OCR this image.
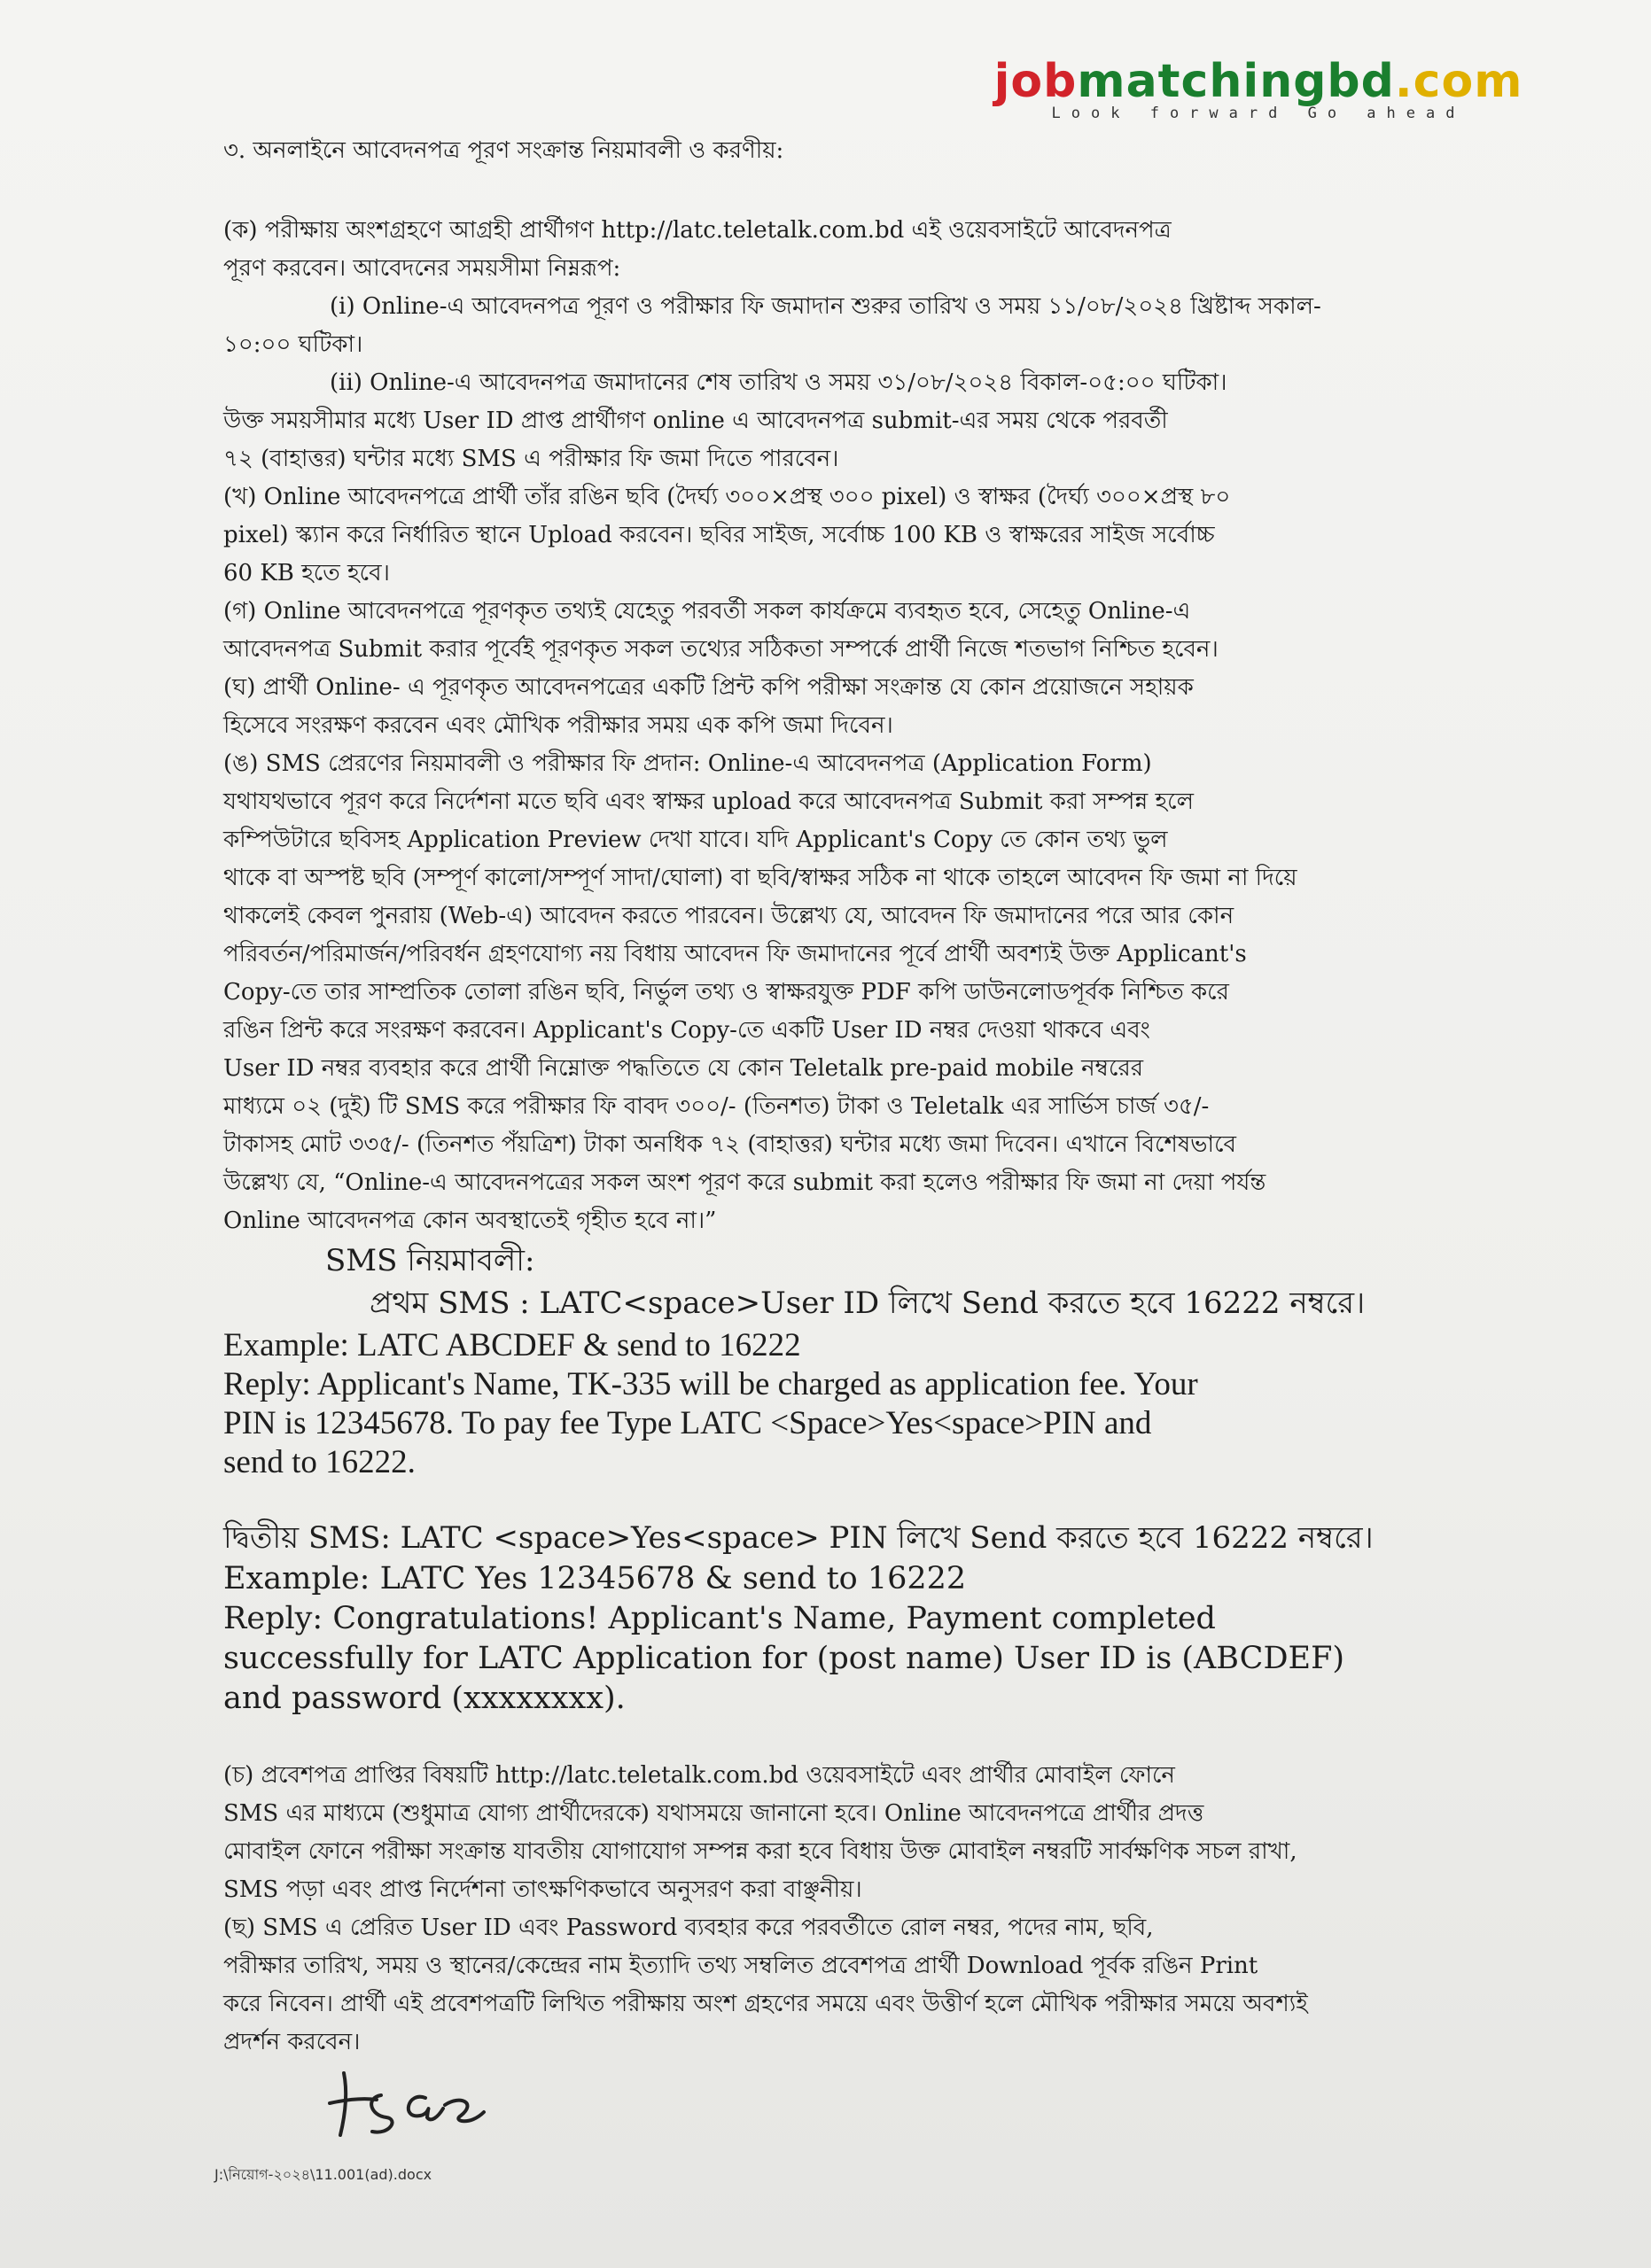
jobmatchingbd.com
Look forward Go ahead
৩. অনলাইনে আবেদনপত্র পূরণ সংক্রান্ত নিয়মাবলী ও করণীয়:
(ক) পরীক্ষায় অংশগ্রহণে আগ্রহী প্রার্থীগণ http://latc.teletalk.com.bd এই ওয়েবসাইটে আবেদনপত্র
পূরণ করবেন। আবেদনের সময়সীমা নিম্নরূপ:
(i) Online-এ আবেদনপত্র পূরণ ও পরীক্ষার ফি জমাদান শুরুর তারিখ ও সময় ১১/০৮/২০২৪ খ্রিষ্টাব্দ সকাল-
১০:০০ ঘটিকা।
(ii) Online-এ আবেদনপত্র জমাদানের শেষ তারিখ ও সময় ৩১/০৮/২০২৪ বিকাল-০৫:০০ ঘটিকা।
উক্ত সময়সীমার মধ্যে User ID প্রাপ্ত প্রার্থীগণ online এ আবেদনপত্র submit-এর সময় থেকে পরবর্তী
৭২ (বাহাত্তর) ঘন্টার মধ্যে SMS এ পরীক্ষার ফি জমা দিতে পারবেন।
(খ) Online আবেদনপত্রে প্রার্থী তাঁর রঙিন ছবি (দৈর্ঘ্য ৩০০×প্রস্থ ৩০০ pixel) ও স্বাক্ষর (দৈর্ঘ্য ৩০০×প্রস্থ ৮০
pixel) স্ক্যান করে নির্ধারিত স্থানে Upload করবেন। ছবির সাইজ, সর্বোচ্চ 100 KB ও স্বাক্ষরের সাইজ সর্বোচ্চ
60 KB হতে হবে।
(গ) Online আবেদনপত্রে পূরণকৃত তথ্যই যেহেতু পরবর্তী সকল কার্যক্রমে ব্যবহৃত হবে, সেহেতু Online-এ
আবেদনপত্র Submit করার পূর্বেই পূরণকৃত সকল তথ্যের সঠিকতা সম্পর্কে প্রার্থী নিজে শতভাগ নিশ্চিত হবেন।
(ঘ) প্রার্থী Online- এ পূরণকৃত আবেদনপত্রের একটি প্রিন্ট কপি পরীক্ষা সংক্রান্ত যে কোন প্রয়োজনে সহায়ক
হিসেবে সংরক্ষণ করবেন এবং মৌখিক পরীক্ষার সময় এক কপি জমা দিবেন।
(ঙ) SMS প্রেরণের নিয়মাবলী ও পরীক্ষার ফি প্রদান: Online-এ আবেদনপত্র (Application Form)
যথাযথভাবে পূরণ করে নির্দেশনা মতে ছবি এবং স্বাক্ষর upload করে আবেদনপত্র Submit করা সম্পন্ন হলে
কম্পিউটারে ছবিসহ Application Preview দেখা যাবে। যদি Applicant's Copy তে কোন তথ্য ভুল
থাকে বা অস্পষ্ট ছবি (সম্পূর্ণ কালো/সম্পূর্ণ সাদা/ঘোলা) বা ছবি/স্বাক্ষর সঠিক না থাকে তাহলে আবেদন ফি জমা না দিয়ে
থাকলেই কেবল পুনরায় (Web-এ) আবেদন করতে পারবেন। উল্লেখ্য যে, আবেদন ফি জমাদানের পরে আর কোন
পরিবর্তন/পরিমার্জন/পরিবর্ধন গ্রহণযোগ্য নয় বিধায় আবেদন ফি জমাদানের পূর্বে প্রার্থী অবশ্যই উক্ত Applicant's
Copy-তে তার সাম্প্রতিক তোলা রঙিন ছবি, নির্ভুল তথ্য ও স্বাক্ষরযুক্ত PDF কপি ডাউনলোডপূর্বক নিশ্চিত করে
রঙিন প্রিন্ট করে সংরক্ষণ করবেন। Applicant's Copy-তে একটি User ID নম্বর দেওয়া থাকবে এবং
User ID নম্বর ব্যবহার করে প্রার্থী নিম্নোক্ত পদ্ধতিতে যে কোন Teletalk pre-paid mobile নম্বরের
মাধ্যমে ০২ (দুই) টি SMS করে পরীক্ষার ফি বাবদ ৩০০/- (তিনশত) টাকা ও Teletalk এর সার্ভিস চার্জ ৩৫/-
টাকাসহ মোট ৩৩৫/- (তিনশত পঁয়ত্রিশ) টাকা অনধিক ৭২ (বাহাত্তর) ঘন্টার মধ্যে জমা দিবেন। এখানে বিশেষভাবে
উল্লেখ্য যে, “Online-এ আবেদনপত্রের সকল অংশ পূরণ করে submit করা হলেও পরীক্ষার ফি জমা না দেয়া পর্যন্ত
Online আবেদনপত্র কোন অবস্থাতেই গৃহীত হবে না।”
SMS নিয়মাবলী:
প্রথম SMS : LATC<space>User ID লিখে Send করতে হবে 16222 নম্বরে।
Example: LATC ABCDEF & send to 16222
Reply: Applicant's Name, TK-335 will be charged as application fee. Your
PIN is 12345678. To pay fee Type LATC <Space>Yes<space>PIN and
send to 16222.
দ্বিতীয় SMS: LATC <space>Yes<space> PIN লিখে Send করতে হবে 16222 নম্বরে।
Example: LATC Yes 12345678 & send to 16222
Reply: Congratulations! Applicant's Name, Payment completed
successfully for LATC Application for (post name) User ID is (ABCDEF)
and password (xxxxxxxx).
(চ) প্রবেশপত্র প্রাপ্তির বিষয়টি http://latc.teletalk.com.bd ওয়েবসাইটে এবং প্রার্থীর মোবাইল ফোনে
SMS এর মাধ্যমে (শুধুমাত্র যোগ্য প্রার্থীদেরকে) যথাসময়ে জানানো হবে। Online আবেদনপত্রে প্রার্থীর প্রদত্ত
মোবাইল ফোনে পরীক্ষা সংক্রান্ত যাবতীয় যোগাযোগ সম্পন্ন করা হবে বিধায় উক্ত মোবাইল নম্বরটি সার্বক্ষণিক সচল রাখা,
SMS পড়া এবং প্রাপ্ত নির্দেশনা তাৎক্ষণিকভাবে অনুসরণ করা বাঞ্ছনীয়।
(ছ) SMS এ প্রেরিত User ID এবং Password ব্যবহার করে পরবর্তীতে রোল নম্বর, পদের নাম, ছবি,
পরীক্ষার তারিখ, সময় ও স্থানের/কেন্দ্রের নাম ইত্যাদি তথ্য সম্বলিত প্রবেশপত্র প্রার্থী Download পূর্বক রঙিন Print
করে নিবেন। প্রার্থী এই প্রবেশপত্রটি লিখিত পরীক্ষায় অংশ গ্রহণের সময়ে এবং উত্তীর্ণ হলে মৌখিক পরীক্ষার সময়ে অবশ্যই
প্রদর্শন করবেন।
J:\নিয়োগ-২০২৪\11.001(ad).docx
